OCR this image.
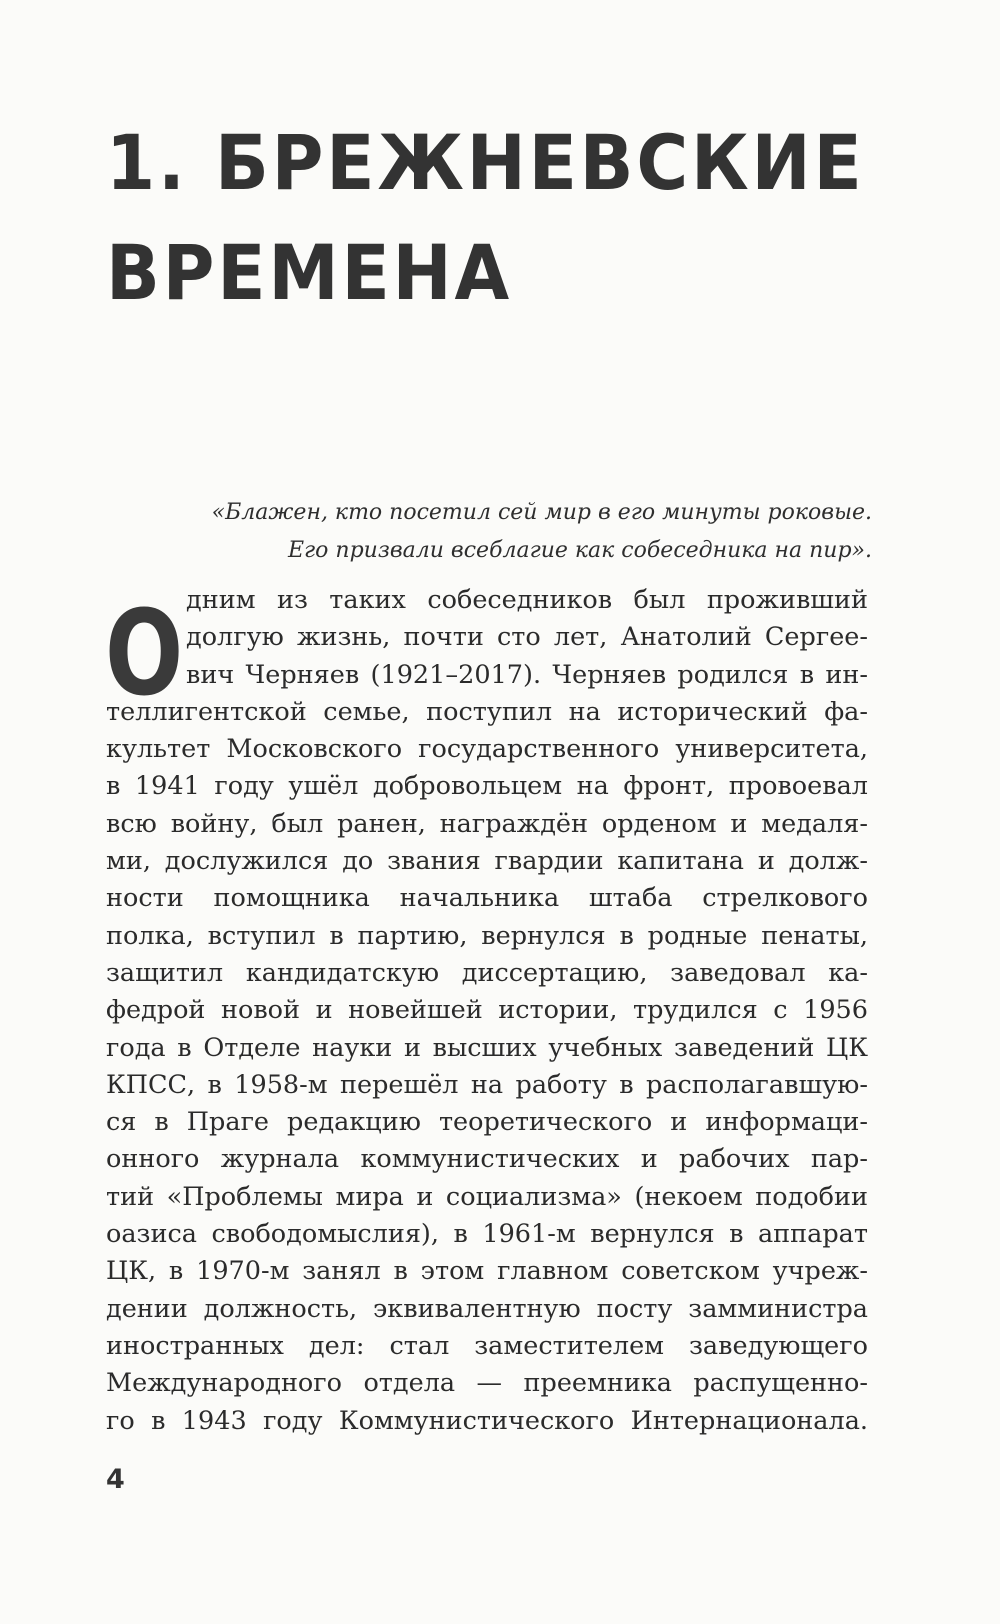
1. БРЕЖНЕВСКИЕ
ВРЕМЕНА
«Блажен, кто посетил сей мир в его минуты роковые.
Его призвали всеблагие как собеседника на пир».
О дним из таких собеседников был проживший
долгую жизнь, почти сто лет, Анатолий Сергее-
вич Черняев (1921–2017). Черняев родился в ин-
теллигентской семье, поступил на исторический фа-
культет Московского государственного университета,
в 1941 году ушёл добровольцем на фронт, провоевал
всю войну, был ранен, награждён орденом и медаля-
ми, дослужился до звания гвардии капитана и долж-
ности помощника начальника штаба стрелкового
полка, вступил в партию, вернулся в родные пенаты,
защитил кандидатскую диссертацию, заведовал ка-
федрой новой и новейшей истории, трудился с 1956
года в Отделе науки и высших учебных заведений ЦК
КПСС, в 1958-м перешёл на работу в располагавшую-
ся в Праге редакцию теоретического и информаци-
онного журнала коммунистических и рабочих пар-
тий «Проблемы мира и социализма» (некоем подобии
оазиса свободомыслия), в 1961-м вернулся в аппарат
ЦК, в 1970-м занял в этом главном советском учреж-
дении должность, эквивалентную посту замминистра
иностранных дел: стал заместителем заведующего
Международного отдела — преемника распущенно-
го в 1943 году Коммунистического Интернационала.
4
